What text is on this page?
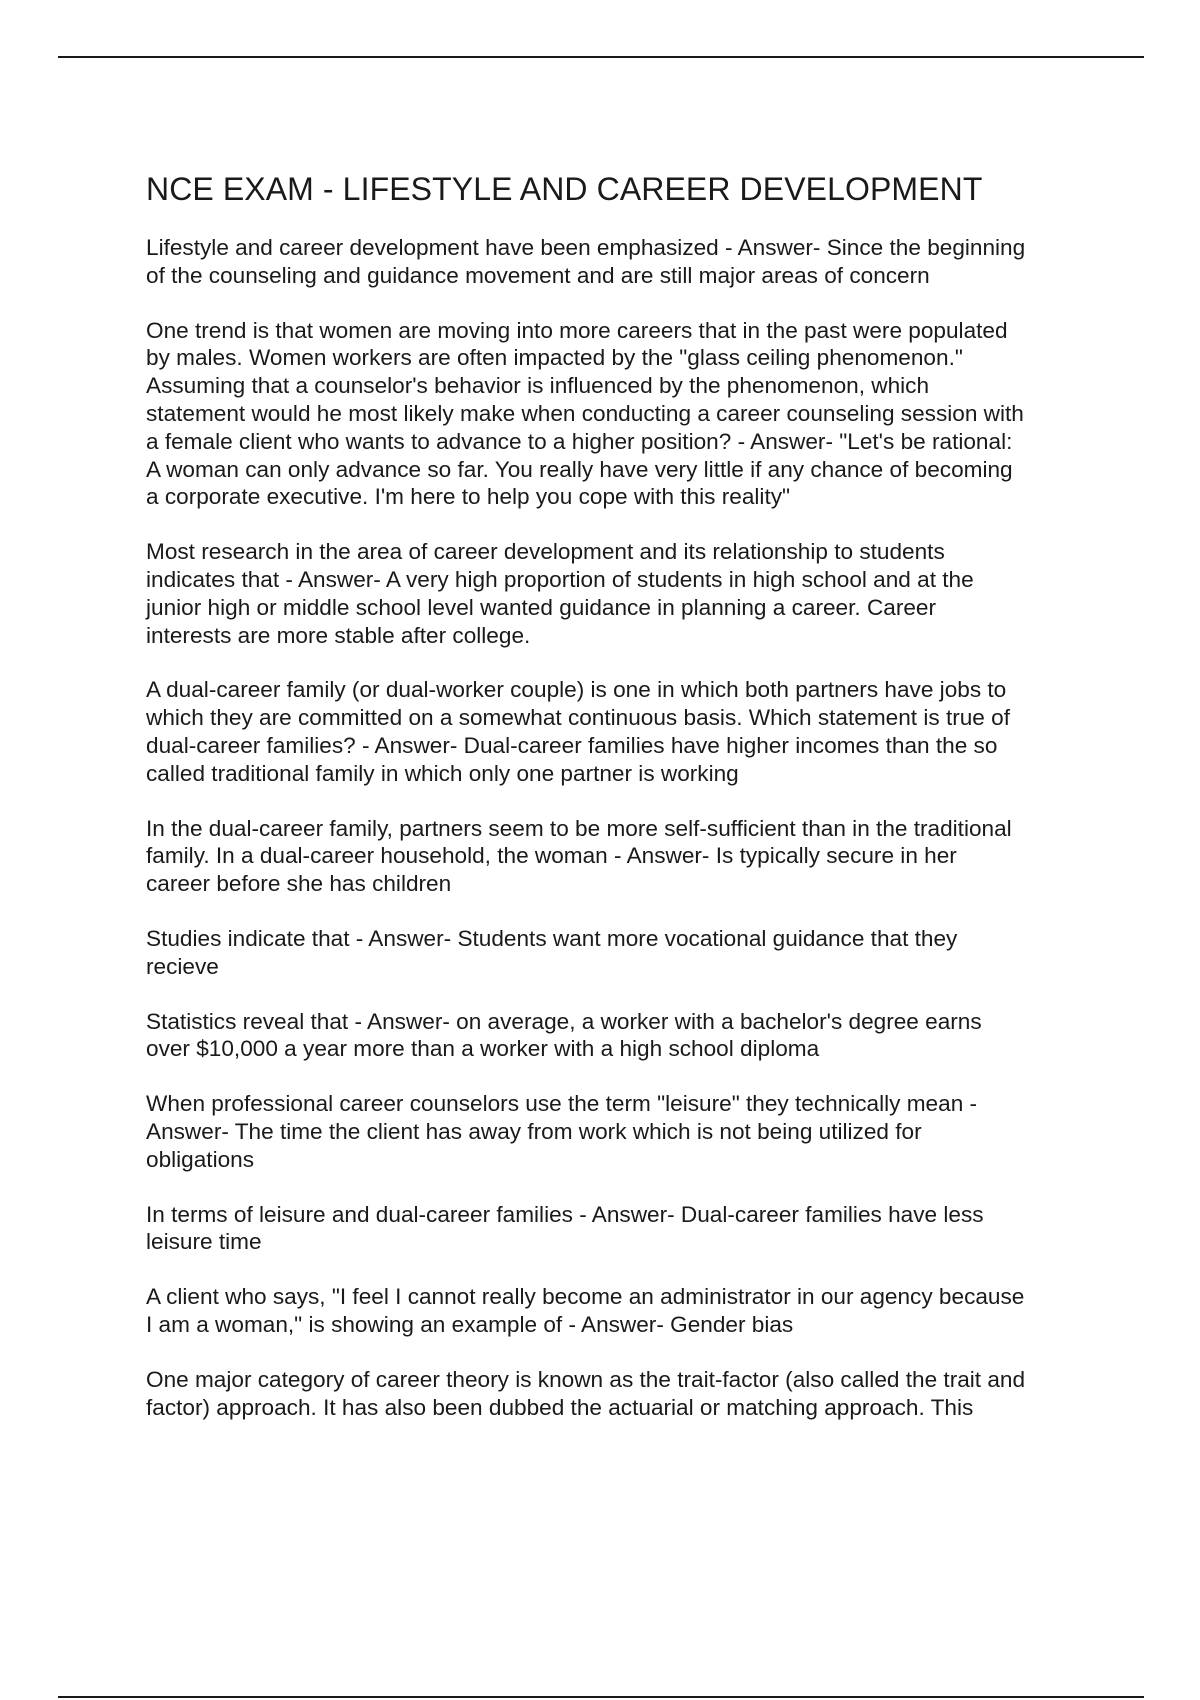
NCE EXAM - LIFESTYLE AND CAREER DEVELOPMENT

Lifestyle and career development have been emphasized - Answer- Since the beginning
of the counseling and guidance movement and are still major areas of concern

One trend is that women are moving into more careers that in the past were populated
by males. Women workers are often impacted by the "glass ceiling phenomenon."
Assuming that a counselor's behavior is influenced by the phenomenon, which
statement would he most likely make when conducting a career counseling session with
a female client who wants to advance to a higher position? - Answer- "Let's be rational:
A woman can only advance so far. You really have very little if any chance of becoming
a corporate executive. I'm here to help you cope with this reality"

Most research in the area of career development and its relationship to students
indicates that - Answer- A very high proportion of students in high school and at the
junior high or middle school level wanted guidance in planning a career. Career
interests are more stable after college.

A dual-career family (or dual-worker couple) is one in which both partners have jobs to
which they are committed on a somewhat continuous basis. Which statement is true of
dual-career families? - Answer- Dual-career families have higher incomes than the so
called traditional family in which only one partner is working

In the dual-career family, partners seem to be more self-sufficient than in the traditional
family. In a dual-career household, the woman - Answer- Is typically secure in her
career before she has children

Studies indicate that - Answer- Students want more vocational guidance that they
recieve

Statistics reveal that - Answer- on average, a worker with a bachelor's degree earns
over $10,000 a year more than a worker with a high school diploma

When professional career counselors use the term "leisure" they technically mean -
Answer- The time the client has away from work which is not being utilized for
obligations

In terms of leisure and dual-career families - Answer- Dual-career families have less
leisure time

A client who says, "I feel I cannot really become an administrator in our agency because
I am a woman," is showing an example of - Answer- Gender bias

One major category of career theory is known as the trait-factor (also called the trait and
factor) approach. It has also been dubbed the actuarial or matching approach. This
